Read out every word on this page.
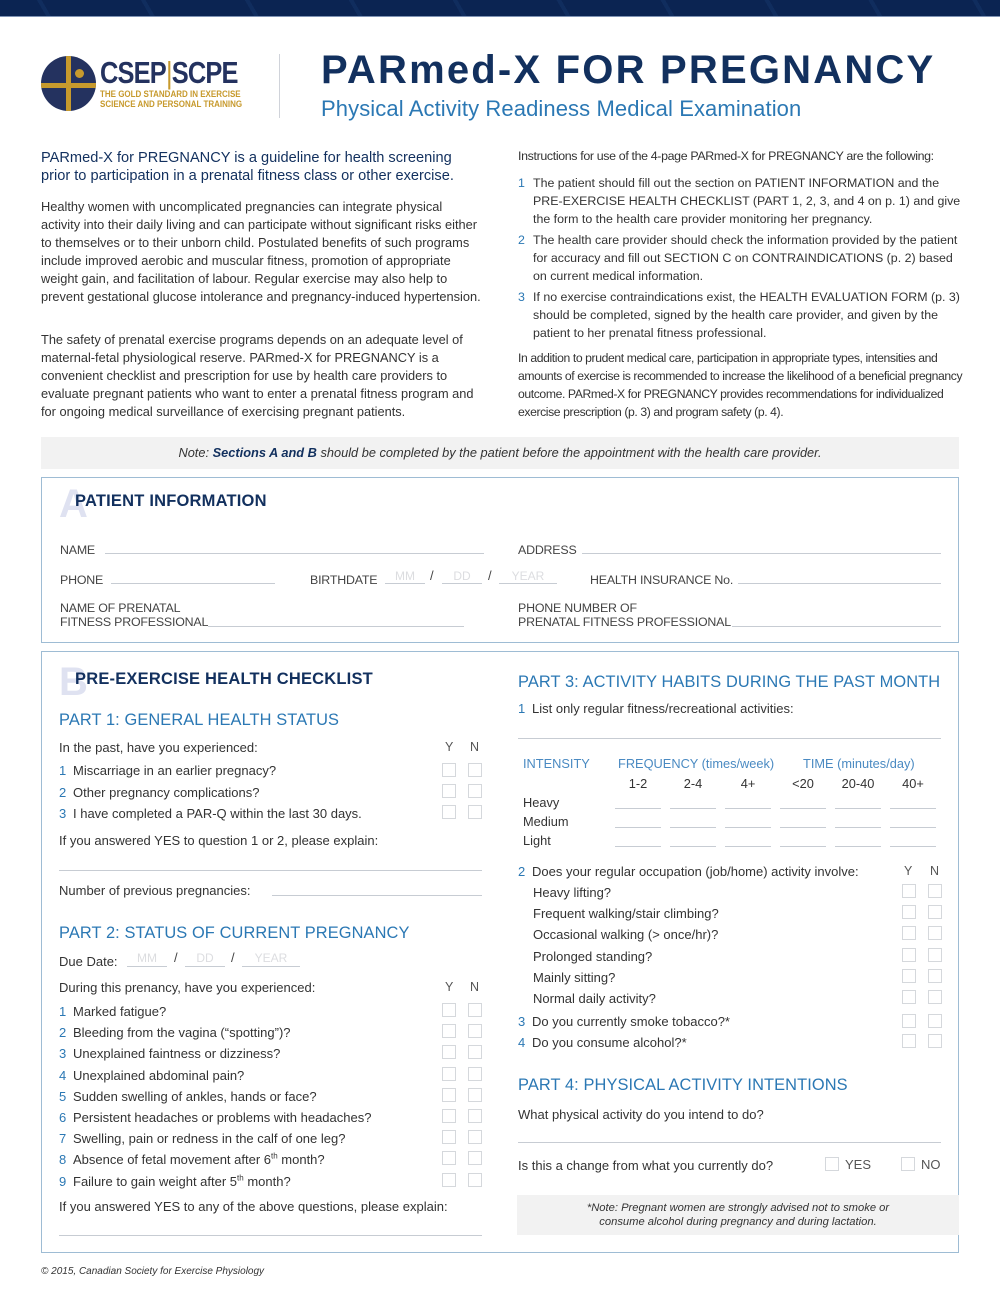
CSEP|SCPE
THE GOLD STANDARD IN EXERCISE
SCIENCE AND PERSONAL TRAINING
PARmed-X FOR PREGNANCY
Physical Activity Readiness Medical Examination
PARmed-X for PREGNANCY is a guideline for health screening prior to participation in a prenatal fitness class or other exercise.
Healthy women with uncomplicated pregnancies can integrate physical activity into their daily living and can participate without significant risks either to themselves or to their unborn child. Postulated benefits of such programs include improved aerobic and muscular fitness, promotion of appropriate weight gain, and facilitation of labour. Regular exercise may also help to prevent gestational glucose intolerance and pregnancy-induced hypertension.
The safety of prenatal exercise programs depends on an adequate level of maternal-fetal physiological reserve. PARmed-X for PREGNANCY is a convenient checklist and prescription for use by health care providers to evaluate pregnant patients who want to enter a prenatal fitness program and for ongoing medical surveillance of exercising pregnant patients.
Instructions for use of the 4-page PARmed-X for PREGNANCY are the following:
1 The patient should fill out the section on PATIENT INFORMATION and the PRE-EXERCISE HEALTH CHECKLIST (PART 1, 2, 3, and 4 on p. 1) and give the form to the health care provider monitoring her pregnancy.
2 The health care provider should check the information provided by the patient for accuracy and fill out SECTION C on CONTRAINDICATIONS (p. 2) based on current medical information.
3 If no exercise contraindications exist, the HEALTH EVALUATION FORM (p. 3) should be completed, signed by the health care provider, and given by the patient to her prenatal fitness professional.
In addition to prudent medical care, participation in appropriate types, intensities and amounts of exercise is recommended to increase the likelihood of a beneficial pregnancy outcome. PARmed-X for PREGNANCY provides recommendations for individualized exercise prescription (p. 3) and program safety (p. 4).
Note: Sections A and B should be completed by the patient before the appointment with the health care provider.
A
PATIENT INFORMATION
NAME	ADDRESS
PHONE	BIRTHDATE	MM	/	DD	/	YEAR	HEALTH INSURANCE No.
NAME OF PRENATAL
FITNESS PROFESSIONAL
PHONE NUMBER OF
PRENATAL FITNESS PROFESSIONAL
B
PRE-EXERCISE HEALTH CHECKLIST
PART 1: GENERAL HEALTH STATUS
In the past, have you experienced:	Y N
1 Miscarriage in an earlier pregnacy?
2 Other pregnancy complications?
3 I have completed a PAR-Q within the last 30 days.
If you answered YES to question 1 or 2, please explain:
Number of previous pregnancies:
PART 2: STATUS OF CURRENT PREGNANCY
Due Date:	MM	/	DD	/	YEAR
During this prenancy, have you experienced:	Y N
1 Marked fatigue?
2 Bleeding from the vagina (“spotting”)?
3 Unexplained faintness or dizziness?
4 Unexplained abdominal pain?
5 Sudden swelling of ankles, hands or face?
6 Persistent headaches or problems with headaches?
7 Swelling, pain or redness in the calf of one leg?
8 Absence of fetal movement after 6th month?
9 Failure to gain weight after 5th month?
If you answered YES to any of the above questions, please explain:
PART 3: ACTIVITY HABITS DURING THE PAST MONTH
1 List only regular fitness/recreational activities:
INTENSITY FREQUENCY (times/week) TIME (minutes/day)
1-2	2-4	4+	<20	20-40	40+
Heavy
Medium
Light
2 Does your regular occupation (job/home) activity involve:	Y N
Heavy lifting?
Frequent walking/stair climbing?
Occasional walking (> once/hr)?
Prolonged standing?
Mainly sitting?
Normal daily activity?
3 Do you currently smoke tobacco?*
4 Do you consume alcohol?*
PART 4: PHYSICAL ACTIVITY INTENTIONS
What physical activity do you intend to do?
Is this a change from what you currently do?	YES	NO
*Note: Pregnant women are strongly advised not to smoke or
consume alcohol during pregnancy and during lactation.
© 2015, Canadian Society for Exercise Physiology
